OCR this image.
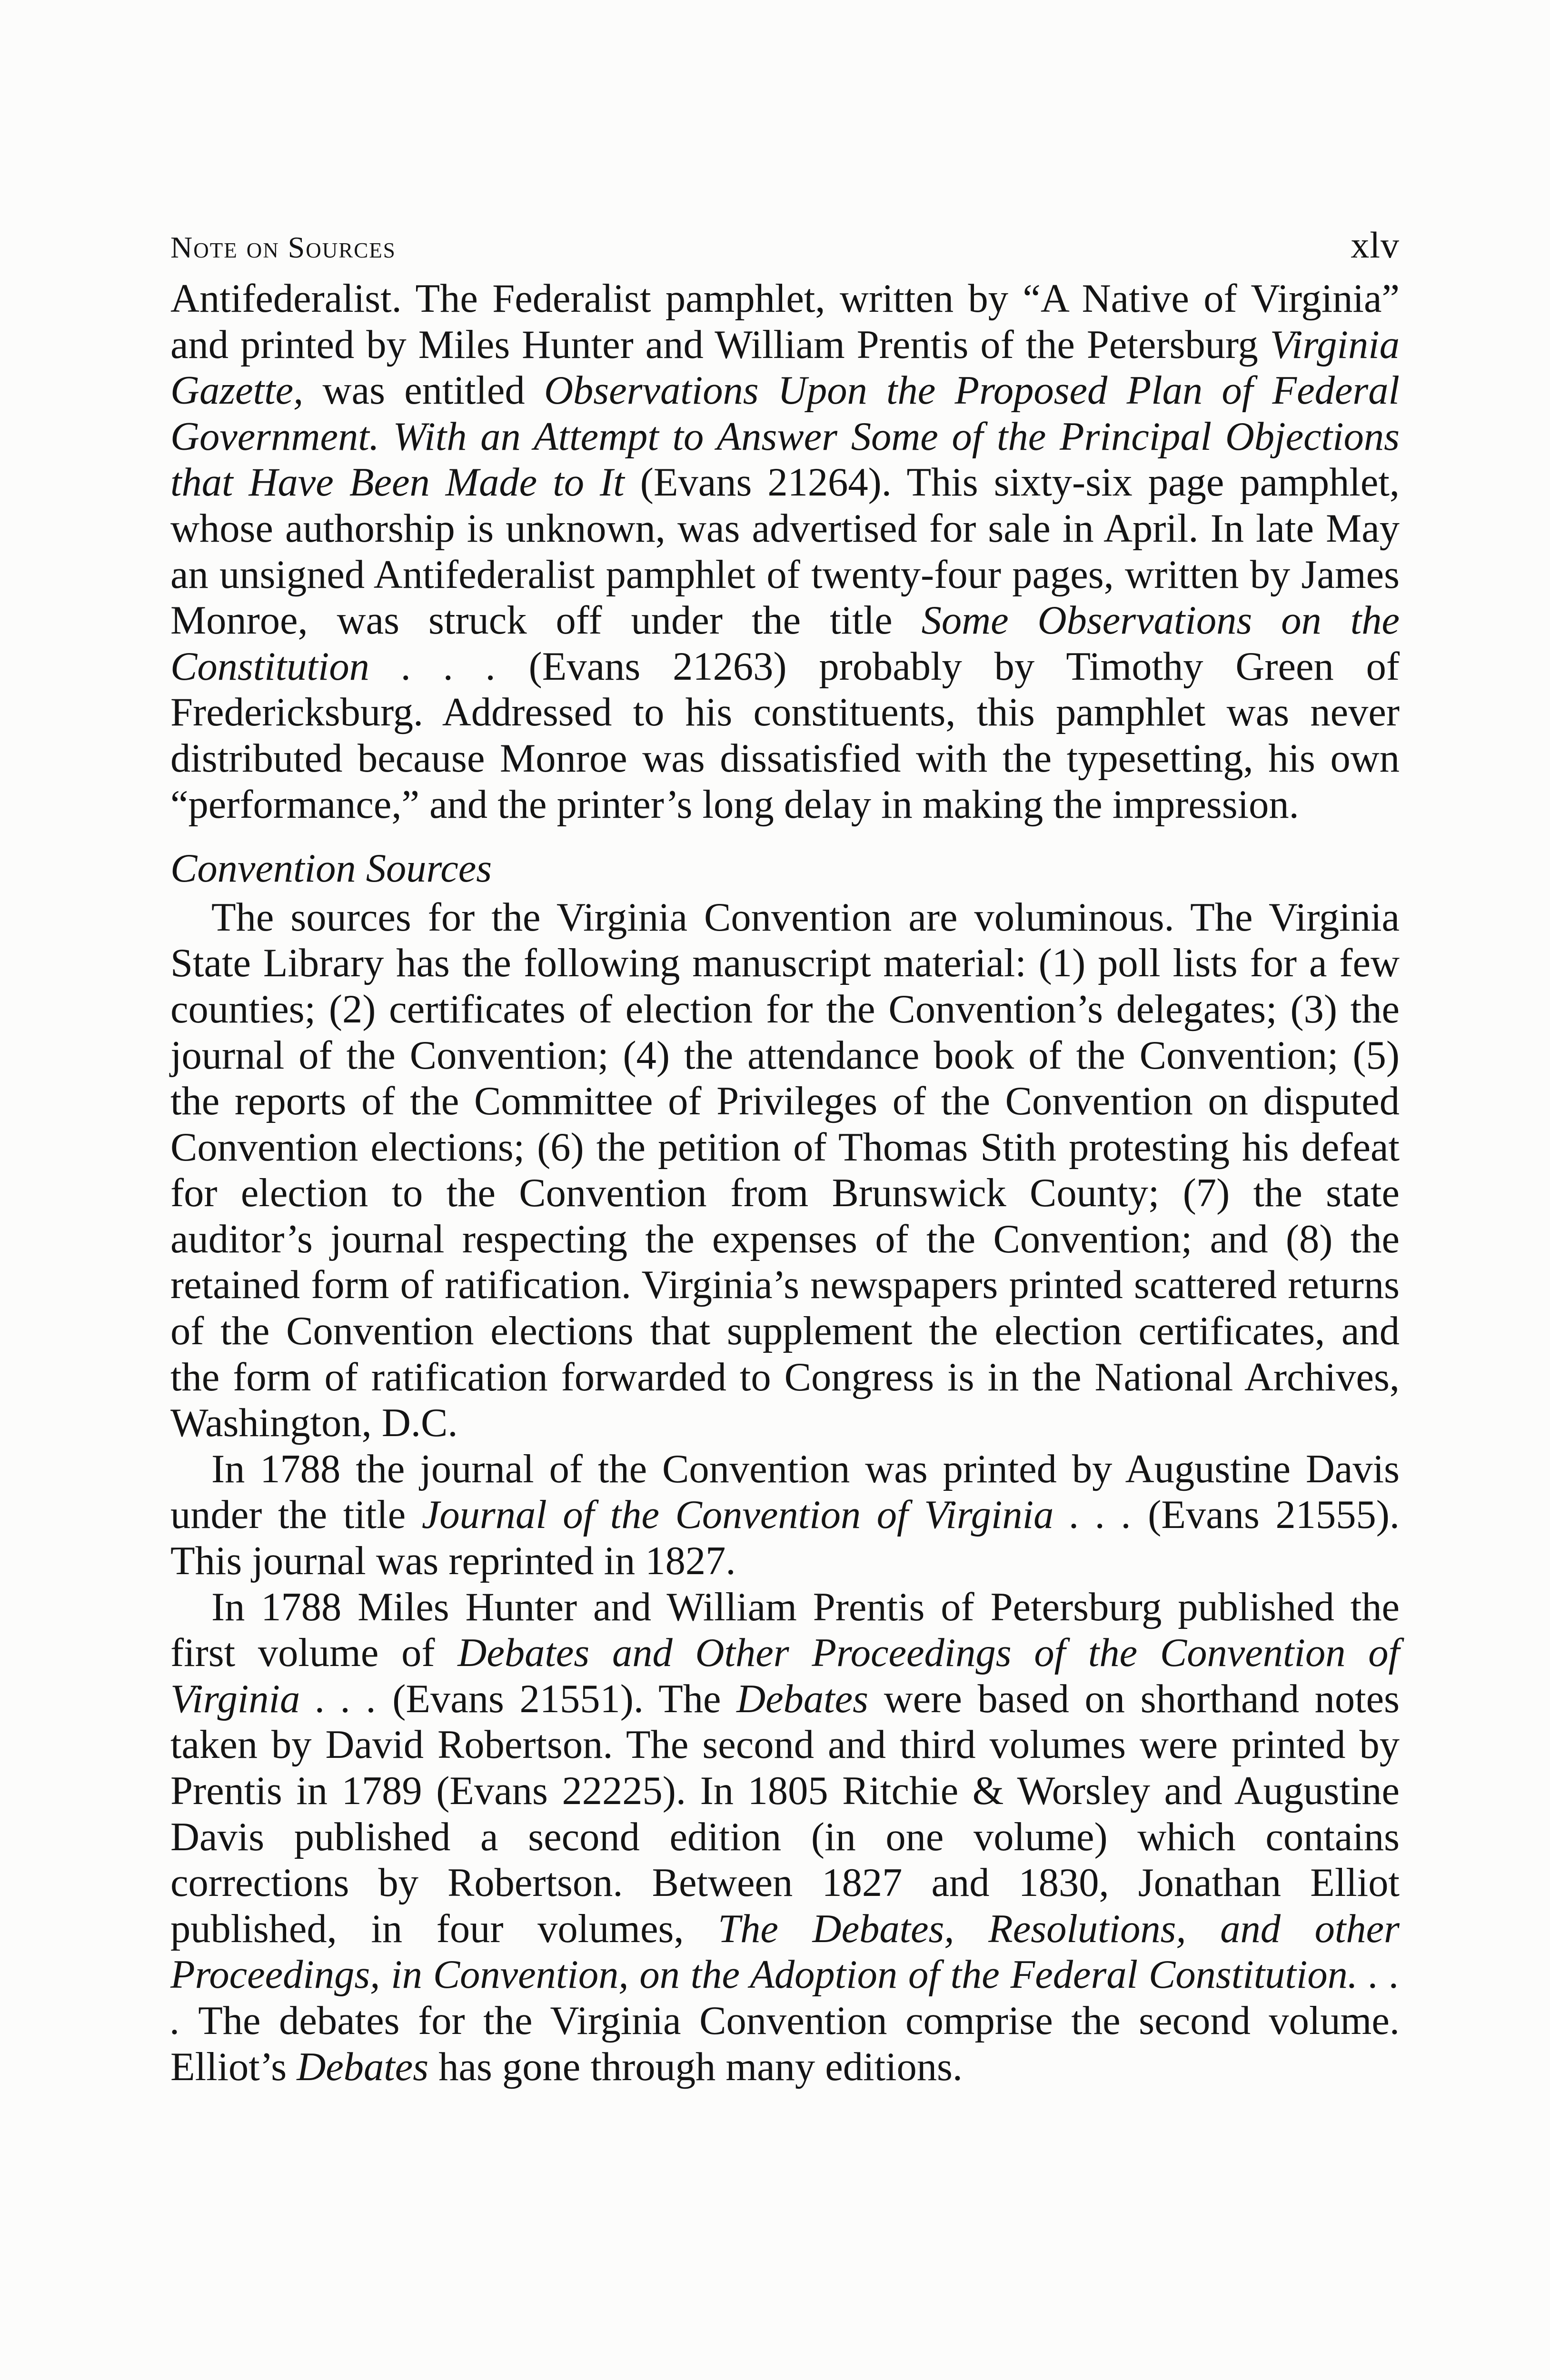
Note on Sources	xlv

Antifederalist. The Federalist pamphlet, written by “A Native of Virginia” and printed by Miles Hunter and William Prentis of the Petersburg Virginia Gazette, was entitled Observations Upon the Proposed Plan of Federal Government. With an Attempt to Answer Some of the Principal Objections that Have Been Made to It (Evans 21264). This sixty-six page pamphlet, whose authorship is unknown, was advertised for sale in April. In late May an unsigned Antifederalist pamphlet of twenty-four pages, written by James Monroe, was struck off under the title Some Observations on the Constitution . . . (Evans 21263) probably by Timothy Green of Fredericksburg. Addressed to his constituents, this pamphlet was never distributed because Monroe was dissatisfied with the typesetting, his own “performance,” and the printer’s long delay in making the impression.

Convention Sources

The sources for the Virginia Convention are voluminous. The Virginia State Library has the following manuscript material: (1) poll lists for a few counties; (2) certificates of election for the Convention’s delegates; (3) the journal of the Convention; (4) the attendance book of the Convention; (5) the reports of the Committee of Privileges of the Convention on disputed Convention elections; (6) the petition of Thomas Stith protesting his defeat for election to the Convention from Brunswick County; (7) the state auditor’s journal respecting the expenses of the Convention; and (8) the retained form of ratification. Virginia’s newspapers printed scattered returns of the Convention elections that supplement the election certificates, and the form of ratification forwarded to Congress is in the National Archives, Washington, D.C.

In 1788 the journal of the Convention was printed by Augustine Davis under the title Journal of the Convention of Virginia . . . (Evans 21555). This journal was reprinted in 1827.

In 1788 Miles Hunter and William Prentis of Petersburg published the first volume of Debates and Other Proceedings of the Convention of Virginia . . . (Evans 21551). The Debates were based on shorthand notes taken by David Robertson. The second and third volumes were printed by Prentis in 1789 (Evans 22225). In 1805 Ritchie & Worsley and Augustine Davis published a second edition (in one volume) which contains corrections by Robertson. Between 1827 and 1830, Jonathan Elliot published, in four volumes, The Debates, Resolutions, and other Proceedings, in Convention, on the Adoption of the Federal Constitution. . . . The debates for the Virginia Convention comprise the second volume. Elliot’s Debates has gone through many editions.
